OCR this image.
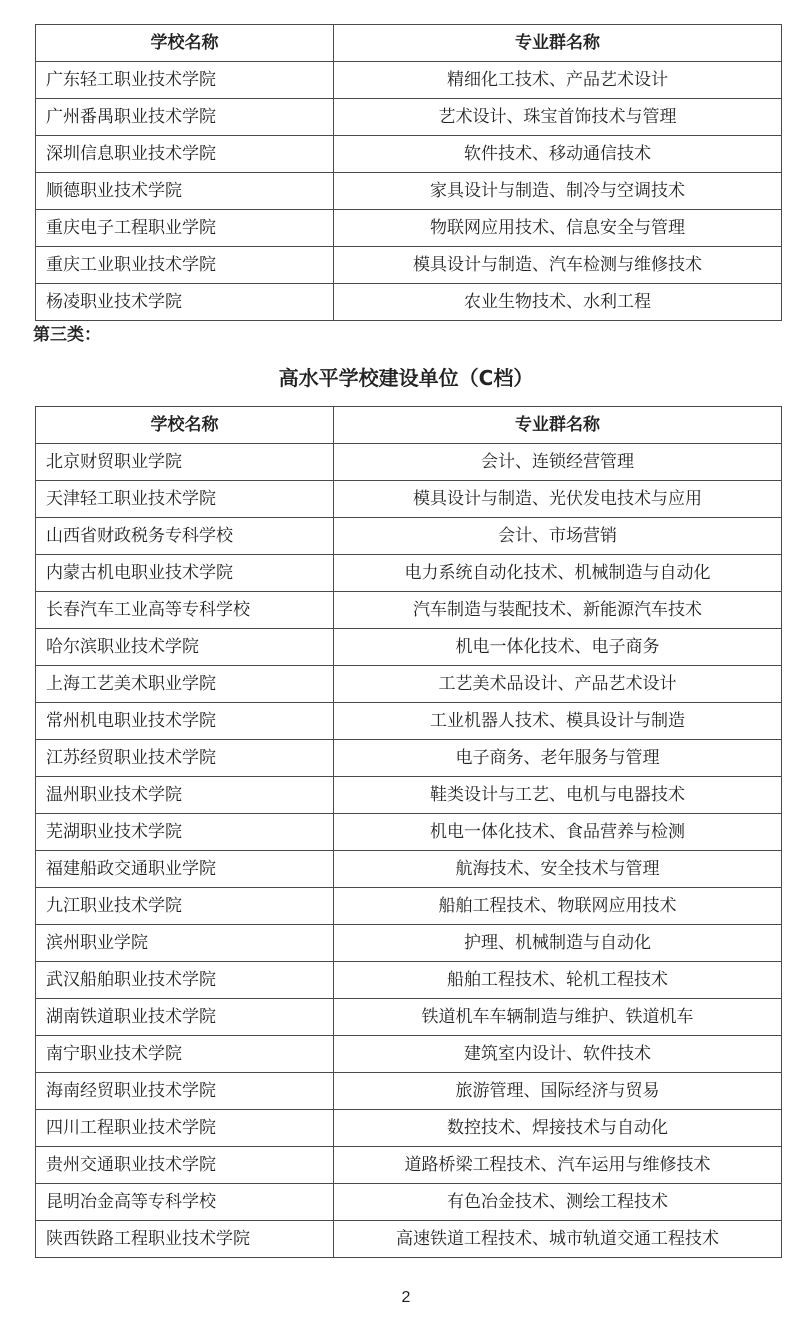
学校名称	专业群名称
广东轻工职业技术学院	精细化工技术、产品艺术设计
广州番禺职业技术学院	艺术设计、珠宝首饰技术与管理
深圳信息职业技术学院	软件技术、移动通信技术
顺德职业技术学院	家具设计与制造、制冷与空调技术
重庆电子工程职业学院	物联网应用技术、信息安全与管理
重庆工业职业技术学院	模具设计与制造、汽车检测与维修技术
杨凌职业技术学院	农业生物技术、水利工程
第三类：
高水平学校建设单位（C档）
学校名称	专业群名称
北京财贸职业学院	会计、连锁经营管理
天津轻工职业技术学院	模具设计与制造、光伏发电技术与应用
山西省财政税务专科学校	会计、市场营销
内蒙古机电职业技术学院	电力系统自动化技术、机械制造与自动化
长春汽车工业高等专科学校	汽车制造与装配技术、新能源汽车技术
哈尔滨职业技术学院	机电一体化技术、电子商务
上海工艺美术职业学院	工艺美术品设计、产品艺术设计
常州机电职业技术学院	工业机器人技术、模具设计与制造
江苏经贸职业技术学院	电子商务、老年服务与管理
温州职业技术学院	鞋类设计与工艺、电机与电器技术
芜湖职业技术学院	机电一体化技术、食品营养与检测
福建船政交通职业学院	航海技术、安全技术与管理
九江职业技术学院	船舶工程技术、物联网应用技术
滨州职业学院	护理、机械制造与自动化
武汉船舶职业技术学院	船舶工程技术、轮机工程技术
湖南铁道职业技术学院	铁道机车车辆制造与维护、铁道机车
南宁职业技术学院	建筑室内设计、软件技术
海南经贸职业技术学院	旅游管理、国际经济与贸易
四川工程职业技术学院	数控技术、焊接技术与自动化
贵州交通职业技术学院	道路桥梁工程技术、汽车运用与维修技术
昆明冶金高等专科学校	有色冶金技术、测绘工程技术
陕西铁路工程职业技术学院	高速铁道工程技术、城市轨道交通工程技术
2
